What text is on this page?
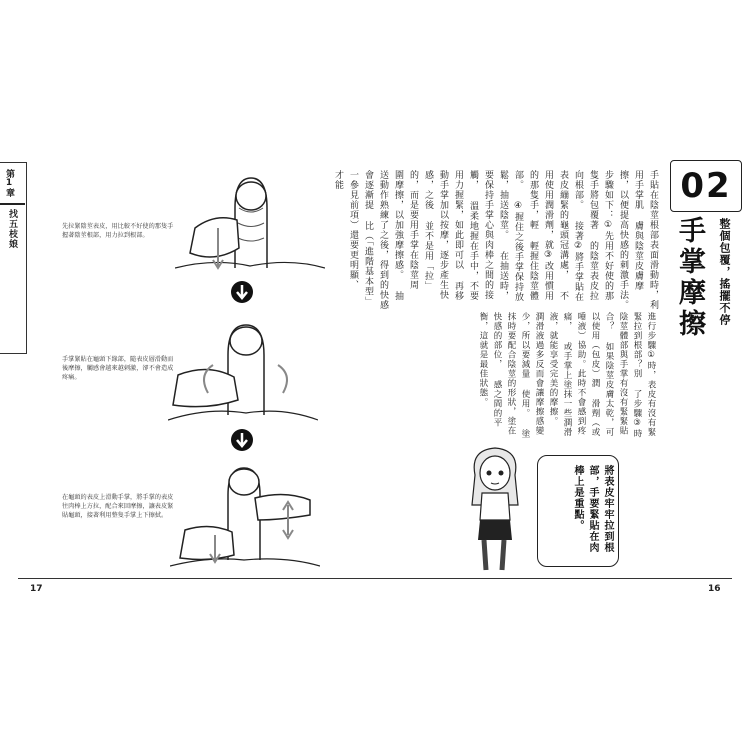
第1章
找五枝娘	先拉緊陰莖表皮，用比較不好使的那隻手握著陰莖根部，用力拉到根部。
手掌緊貼在龜頭下緣部，隨表皮層滑動而後摩擦，觸感會越來越刺激，卻不會造成疼痛。
在龜頭的表皮上滑動手掌，將手掌的表皮往肉棒上方拉，配合來回摩擦，讓表皮緊貼龜頭，接著利用整隻手掌上下擦拭。
17
02
手掌摩擦 整個包覆，搖擺不停
手貼在陰莖根部表面滑動時，利用手掌肌 膚與陰莖皮膚摩擦，以便提高快感的刺激手法。 步驟如下：①先用不好使的那隻手將包覆著 的陰莖表皮拉向根部。 接著②將手掌貼在表皮繃緊的龜頭冠溝處， 不用使用潤滑劑，就③改用慣用的那隻手，輕 輕握住陰莖體部。 ④握住之後手掌保持放鬆，抽送陰莖。 在抽送時，要保持手掌心與肉棒之間的接觸， 溫柔地握在手中，不要用力握緊，如此即可以 再移動手掌加以按摩，逐步產生快感，之後 並不是用「拉」的，而是要用手掌在陰莖周 圍摩擦，以加強摩擦感。 抽送動作熟練了之後，得到的快感會逐漸提 比（「進階基本型」一參見前項）還要更明顯、 才能
進行步驟①時，表皮有沒有緊緊拉到根部？別 了步驟③時陰莖體部與手掌有沒有緊緊貼合？ 如果陰莖皮膚太乾，可以使用（包皮）潤 滑劑（或唾液）協助。此時不會感到疼痛， 或手掌上塗抹一些潤滑液，就能享受完美的摩擦。 潤滑液過多反而會讓摩擦感變少，所以要減量 使用。 塗抹時要配合陰莖的形狀，塗在快感的部位， 感之間的平衡，這就是最佳狀態。
將表皮牢牢拉到根部，手要緊貼在肉棒上是重點。
16
